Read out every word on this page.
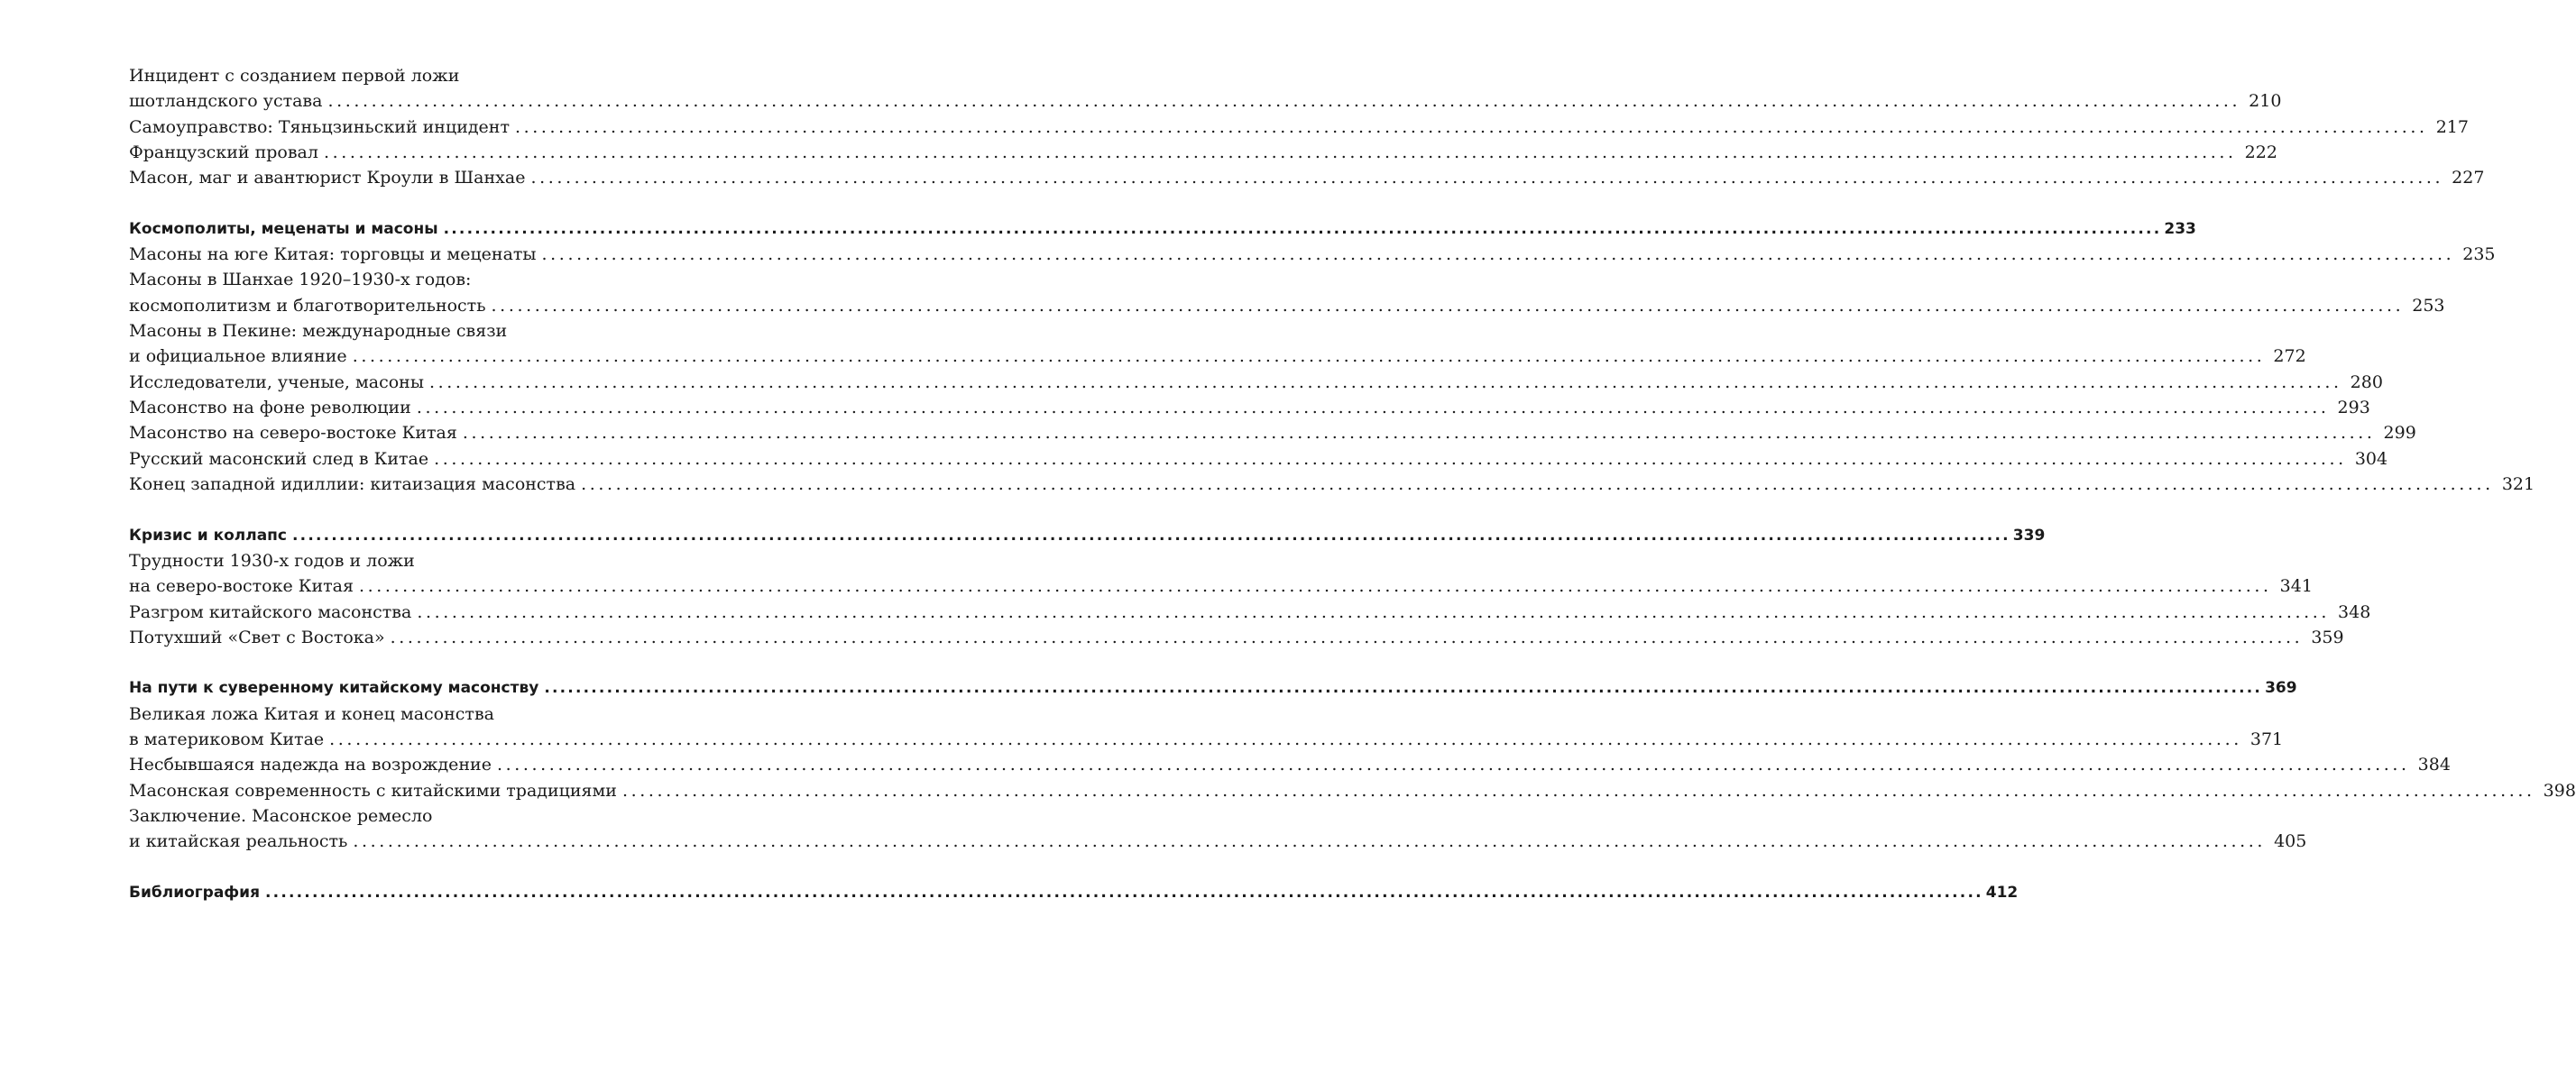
Инцидент с созданием первой ложи
шотландского устава ............................................................................................................................................................................................................................ 210
Самоуправство: Тяньцзиньский инцидент ............................................................................................................................................................................................................................ 217
Французский провал ............................................................................................................................................................................................................................ 222
Масон, маг и авантюрист Кроули в Шанхае ............................................................................................................................................................................................................................ 227
Космополиты, меценаты и масоны ............................................................................................................................................................................................................................ 233
Масоны на юге Китая: торговцы и меценаты ............................................................................................................................................................................................................................ 235
Масоны в Шанхае 1920–1930-х годов:
космополитизм и благотворительность ............................................................................................................................................................................................................................ 253
Масоны в Пекине: международные связи
и официальное влияние ............................................................................................................................................................................................................................ 272
Исследователи, ученые, масоны ............................................................................................................................................................................................................................ 280
Масонство на фоне революции ............................................................................................................................................................................................................................ 293
Масонство на северо-востоке Китая ............................................................................................................................................................................................................................ 299
Русский масонский след в Китае ............................................................................................................................................................................................................................ 304
Конец западной идиллии: китаизация масонства ............................................................................................................................................................................................................................ 321
Кризис и коллапс ............................................................................................................................................................................................................................ 339
Трудности 1930-х годов и ложи
на северо-востоке Китая ............................................................................................................................................................................................................................ 341
Разгром китайского масонства ............................................................................................................................................................................................................................ 348
Потухший «Свет с Востока» ............................................................................................................................................................................................................................ 359
На пути к суверенному китайскому масонству ............................................................................................................................................................................................................................ 369
Великая ложа Китая и конец масонства
в материковом Китае ............................................................................................................................................................................................................................ 371
Несбывшаяся надежда на возрождение ............................................................................................................................................................................................................................ 384
Масонская современность с китайскими традициями ............................................................................................................................................................................................................................ 398
Заключение. Масонское ремесло
и китайская реальность ............................................................................................................................................................................................................................ 405
Библиография ............................................................................................................................................................................................................................ 412
